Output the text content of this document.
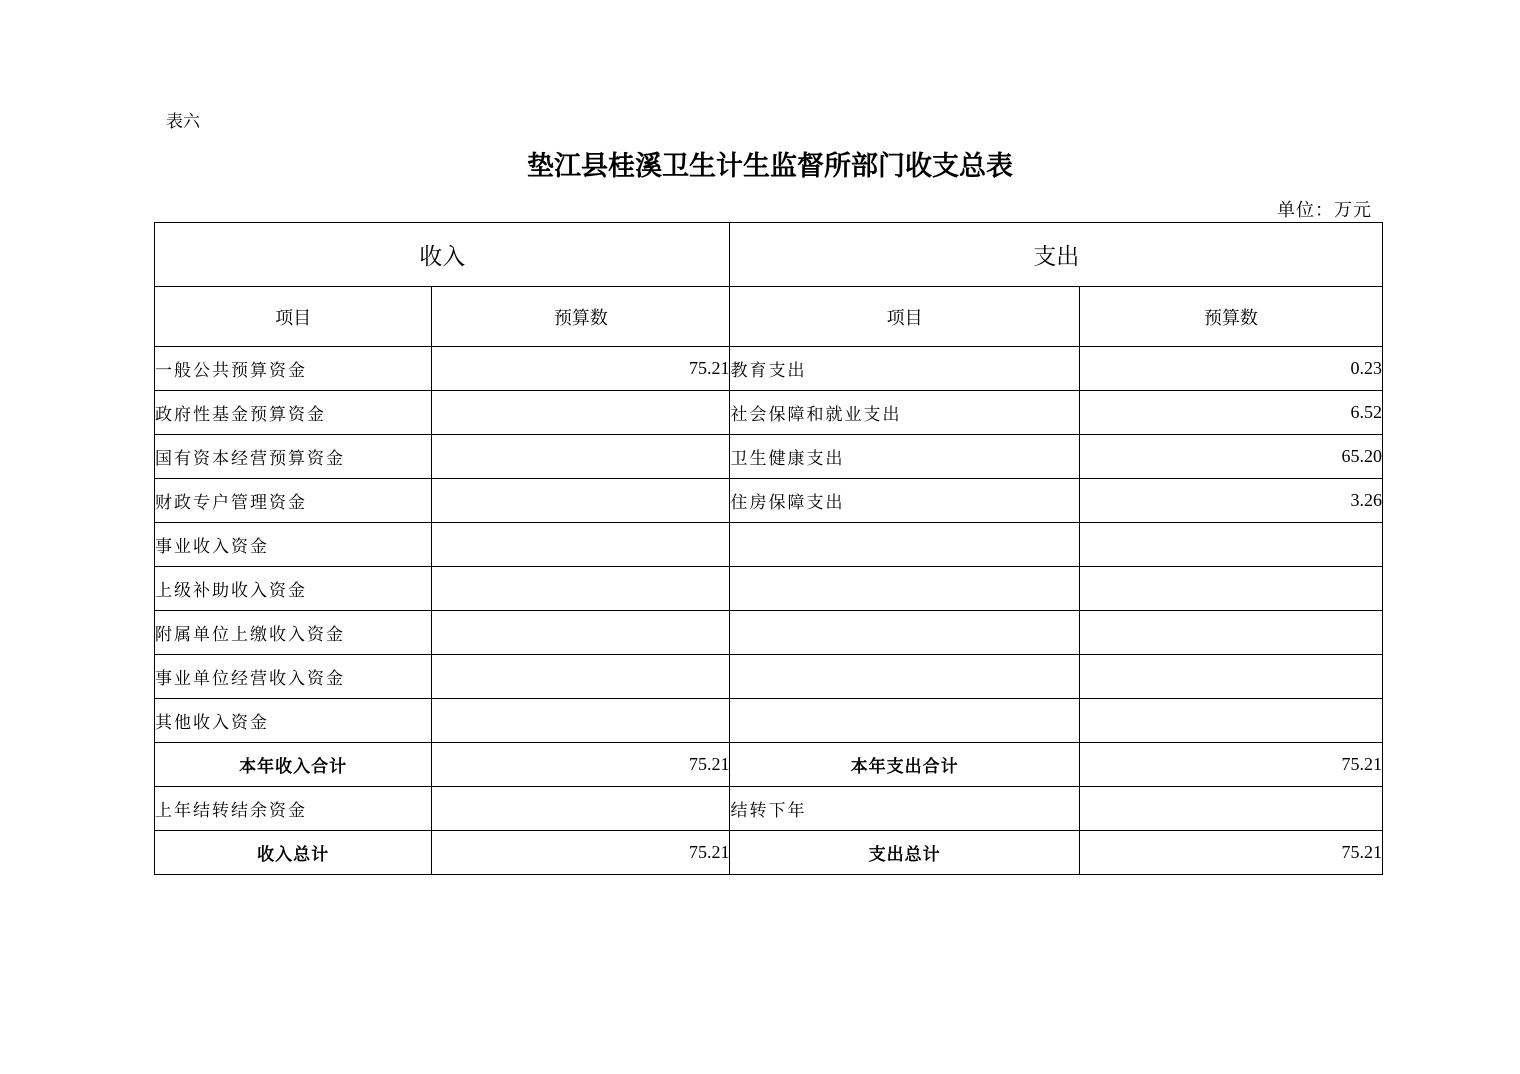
表六
垫江县桂溪卫生计生监督所部门收支总表
单位：万元
收入		支出	
项目	预算数	项目	预算数
一般公共预算资金	75.21	教育支出	0.23
政府性基金预算资金		社会保障和就业支出	6.52
国有资本经营预算资金		卫生健康支出	65.20
财政专户管理资金		住房保障支出	3.26
事业收入资金			
上级补助收入资金			
附属单位上缴收入资金			
事业单位经营收入资金			
其他收入资金			
本年收入合计	75.21	本年支出合计	75.21
上年结转结余资金		结转下年	
收入总计	75.21	支出总计	75.21
